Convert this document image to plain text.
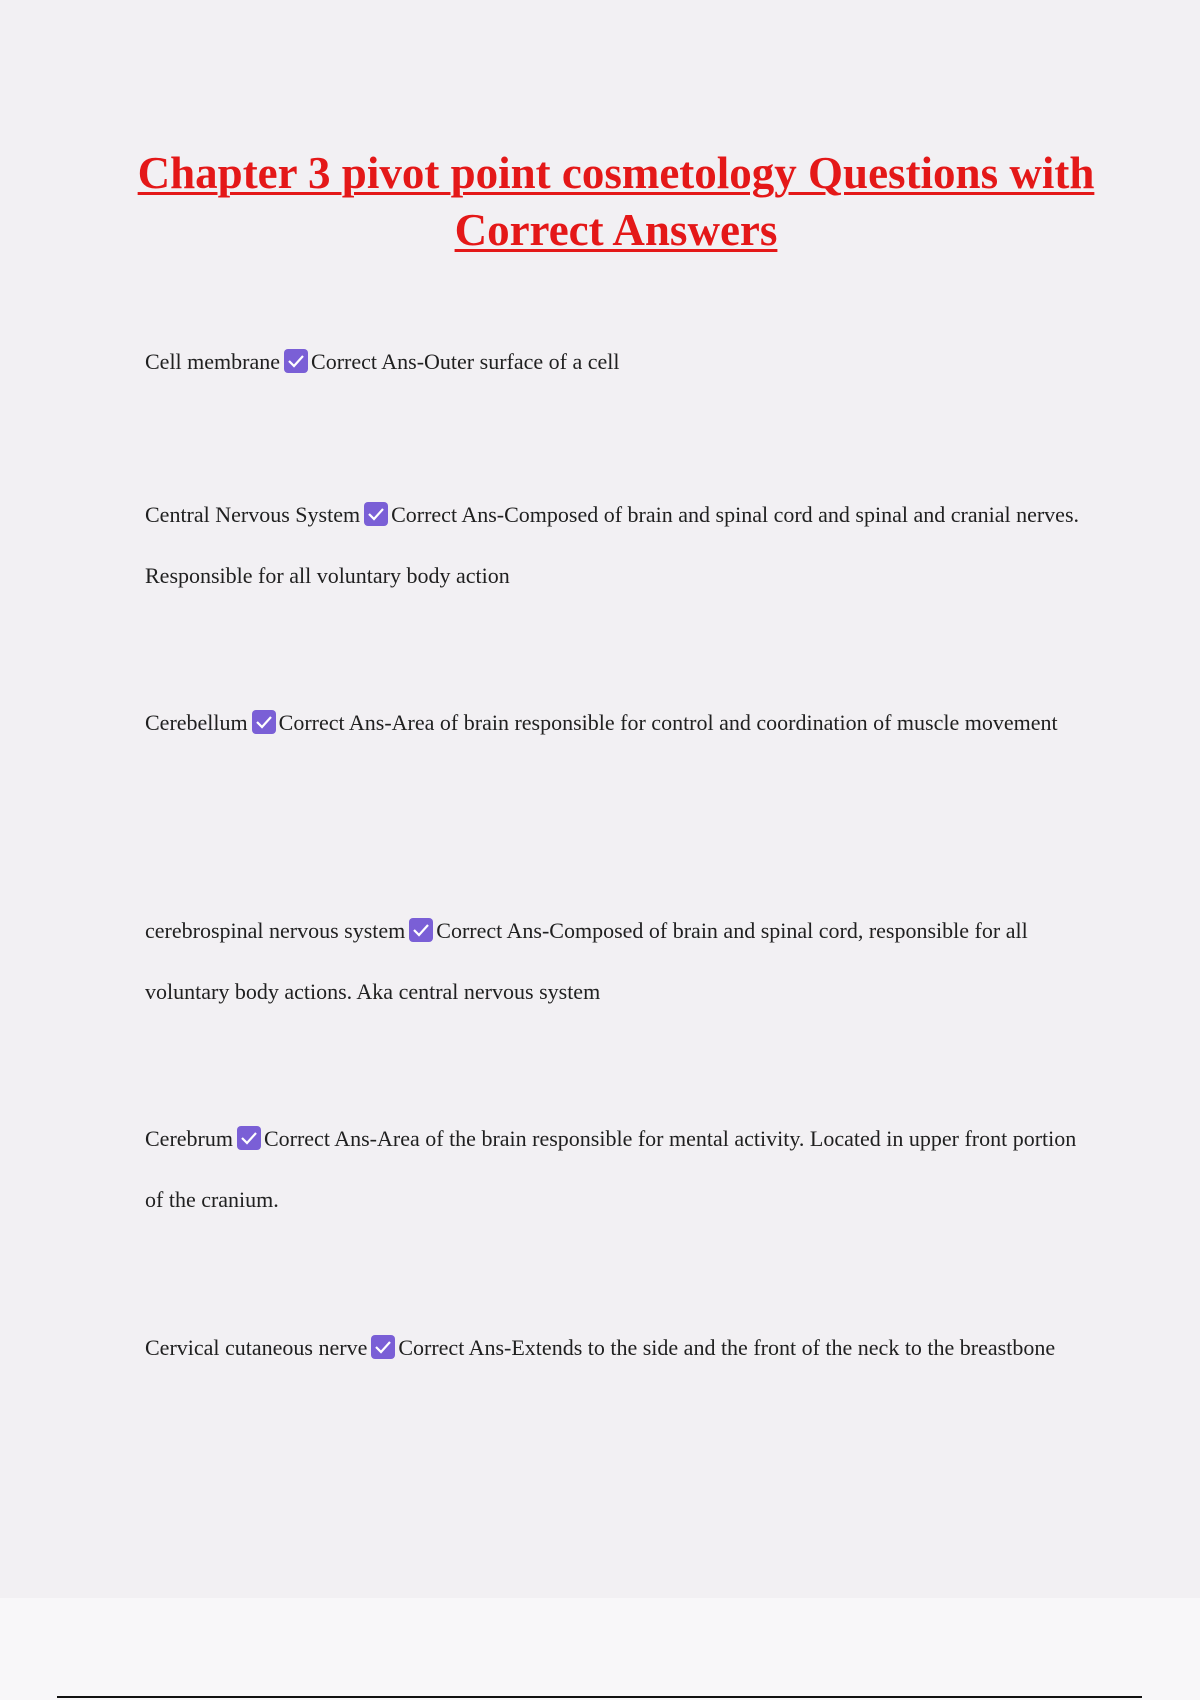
Chapter 3 pivot point cosmetology Questions with Correct Answers

Cell membrane Correct Ans-Outer surface of a cell

Central Nervous System Correct Ans-Composed of brain and spinal cord and spinal and cranial nerves. Responsible for all voluntary body action

Cerebellum Correct Ans-Area of brain responsible for control and coordination of muscle movement

cerebrospinal nervous system Correct Ans-Composed of brain and spinal cord, responsible for all voluntary body actions. Aka central nervous system

Cerebrum Correct Ans-Area of the brain responsible for mental activity. Located in upper front portion of the cranium.

Cervical cutaneous nerve Correct Ans-Extends to the side and the front of the neck to the breastbone
